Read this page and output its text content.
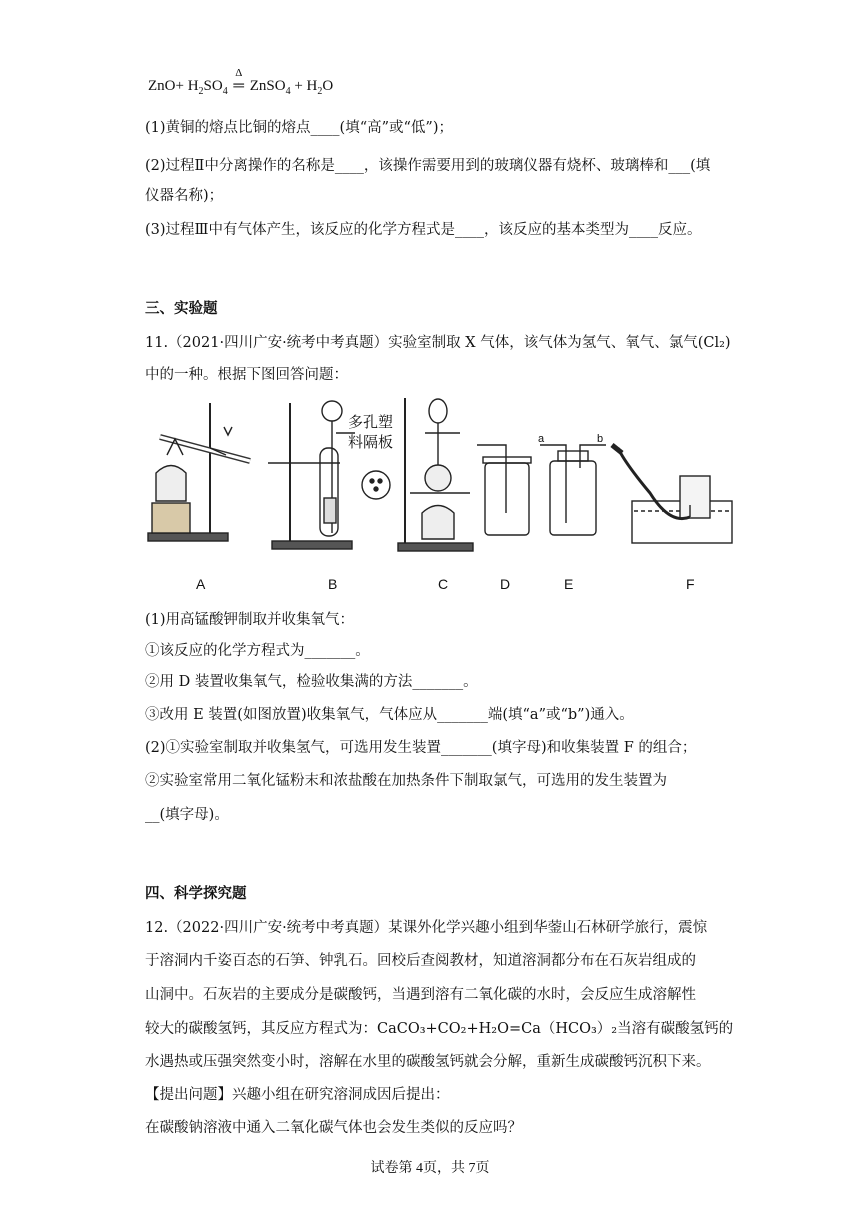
$ZnO+ H_2SO_4$
Δ
═ ZnSO$_4$ + $H_2O$
(1)黄铜的熔点比铜的熔点____(填“高”或“低”)；
(2)过程Ⅱ中分离操作的名称是____，该操作需要用到的玻璃仪器有烧杯、玻璃棒和___(填
仪器名称)；
(3)过程Ⅲ中有气体产生，该反应的化学方程式是____，该反应的基本类型为____反应。
三、实验题
11.（2021·四川广安·统考中考真题）实验室制取 X 气体，该气体为氢气、氧气、氯气(Cl₂)
中的一种。根据下图回答问题：
多孔塑
料隔板	a	b
A	B	C	D	E	F
(1)用高锰酸钾制取并收集氧气：
①该反应的化学方程式为_______。
②用 D 装置收集氧气，检验收集满的方法_______。
③改用 E 装置(如图放置)收集氧气，气体应从_______端(填“a”或“b”)通入。
(2)①实验室制取并收集氢气，可选用发生装置_______(填字母)和收集装置 F 的组合；
②实验室常用二氧化锰粉末和浓盐酸在加热条件下制取氯气，可选用的发生装置为
__(填字母)。
四、科学探究题
12.（2022·四川广安·统考中考真题）某课外化学兴趣小组到华蓥山石林研学旅行，震惊
于溶洞内千姿百态的石笋、钟乳石。回校后查阅教材，知道溶洞都分布在石灰岩组成的
山洞中。石灰岩的主要成分是碳酸钙，当遇到溶有二氧化碳的水时，会反应生成溶解性
较大的碳酸氢钙，其反应方程式为：CaCO₃+CO₂+H₂O=Ca（HCO₃）₂当溶有碳酸氢钙的
水遇热或压强突然变小时，溶解在水里的碳酸氢钙就会分解，重新生成碳酸钙沉积下来。
【提出问题】兴趣小组在研究溶洞成因后提出：
在碳酸钠溶液中通入二氧化碳气体也会发生类似的反应吗？
试卷第 4页，共 7页
